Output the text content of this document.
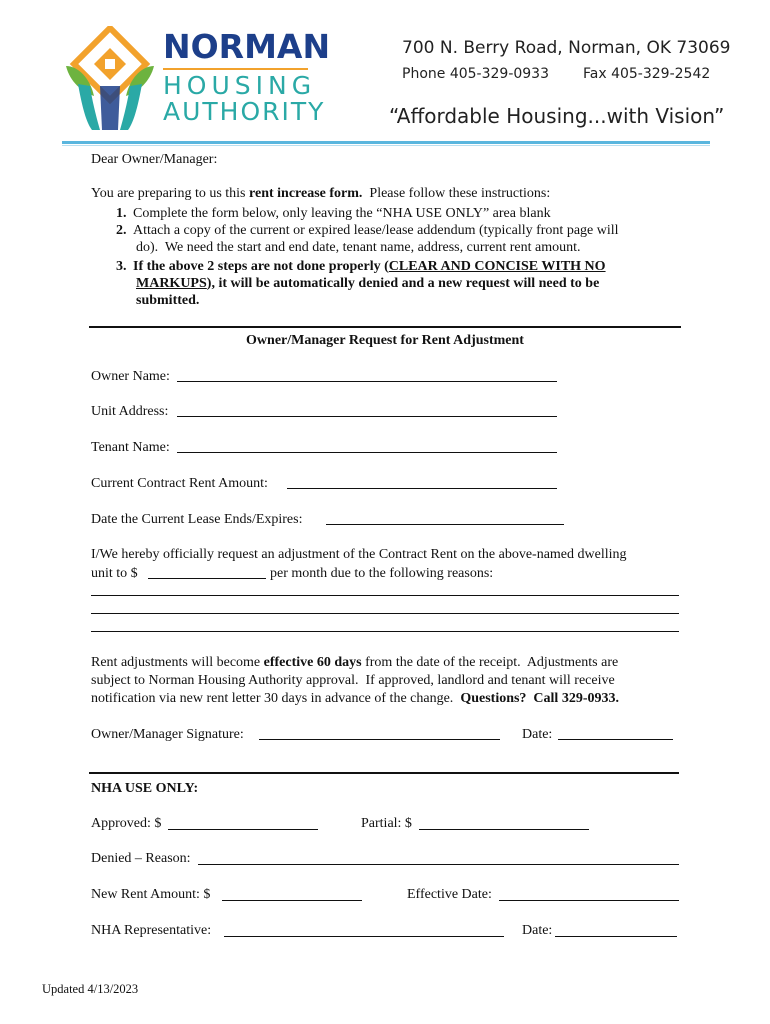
NORMAN
HOUSING
AUTHORITY
700 N. Berry Road, Norman, OK 73069
Phone 405-329-0933 Fax 405-329-2542
“Affordable Housing...with Vision”
Dear Owner/Manager:
You are preparing to us this rent increase form.  Please follow these instructions:
1. Complete the form below, only leaving the “NHA USE ONLY” area blank
2. Attach a copy of the current or expired lease/lease addendum (typically front page will
do).  We need the start and end date, tenant name, address, current rent amount.
3. If the above 2 steps are not done properly (CLEAR AND CONCISE WITH NO
MARKUPS), it will be automatically denied and a new request will need to be
submitted.
Owner/Manager Request for Rent Adjustment
Owner Name:
Unit Address:
Tenant Name:
Current Contract Rent Amount:
Date the Current Lease Ends/Expires:
I/We hereby officially request an adjustment of the Contract Rent on the above-named dwelling
unit to $	per month due to the following reasons:
Rent adjustments will become effective 60 days from the date of the receipt.  Adjustments are
subject to Norman Housing Authority approval.  If approved, landlord and tenant will receive
notification via new rent letter 30 days in advance of the change.  Questions?  Call 329-0933.
Owner/Manager Signature:	Date:
NHA USE ONLY:
Approved: $	Partial: $
Denied – Reason:
New Rent Amount: $	Effective Date:
NHA Representative:	Date:
Updated 4/13/2023
